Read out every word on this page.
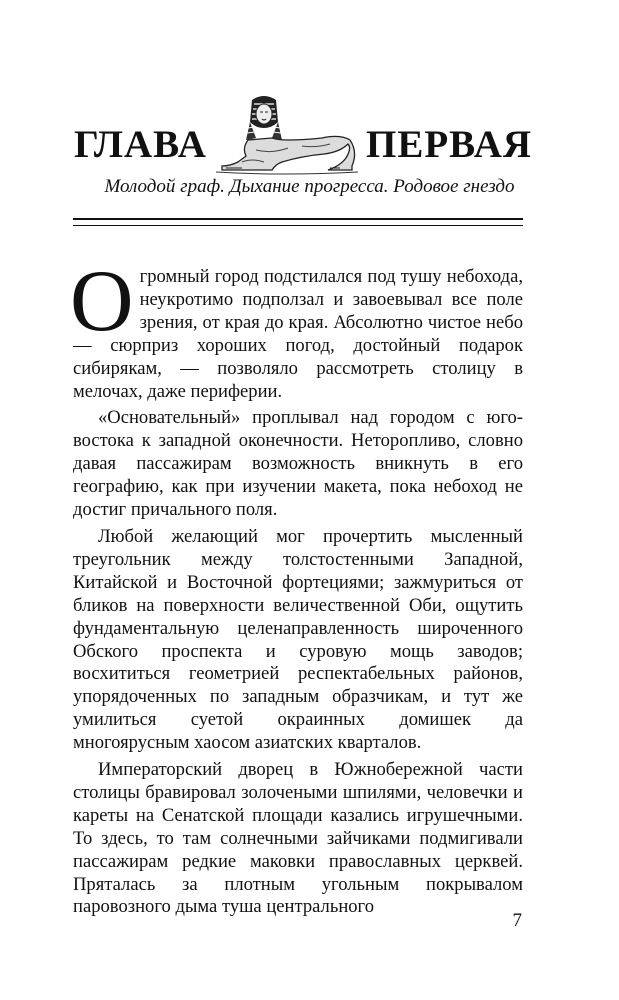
ГЛАВА	ПЕРВАЯ
Молодой граф. Дыхание прогресса. Родовое гнездо

Огромный город подстилался под тушу небохода, неукротимо подползал и завоевывал все поле зрения, от края до края. Абсолютно чистое небо — сюрприз хороших погод, достойный подарок сибирякам, — позволяло рассмотреть столицу в мелочах, даже периферии.

«Основательный» проплывал над городом с юго-востока к западной оконечности. Неторопливо, словно давая пассажирам возможность вникнуть в его географию, как при изучении макета, пока небоход не достиг причального поля.

Любой желающий мог прочертить мысленный треугольник между толстостенными Западной, Китайской и Восточной фортециями; зажмуриться от бликов на поверхности величественной Оби, ощутить фундаментальную целенаправленность широченного Обского проспекта и суровую мощь заводов; восхититься геометрией респектабельных районов, упорядоченных по западным образчикам, и тут же умилиться суетой окраинных домишек да многоярусным хаосом азиатских кварталов.

Императорский дворец в Южнобережной части столицы бравировал золочеными шпилями, человечки и кареты на Сенатской площади казались игрушечными. То здесь, то там солнечными зайчиками подмигивали пассажирам редкие маковки православных церквей. Пряталась за плотным угольным покрывалом паровозного дыма туша центрального

7
